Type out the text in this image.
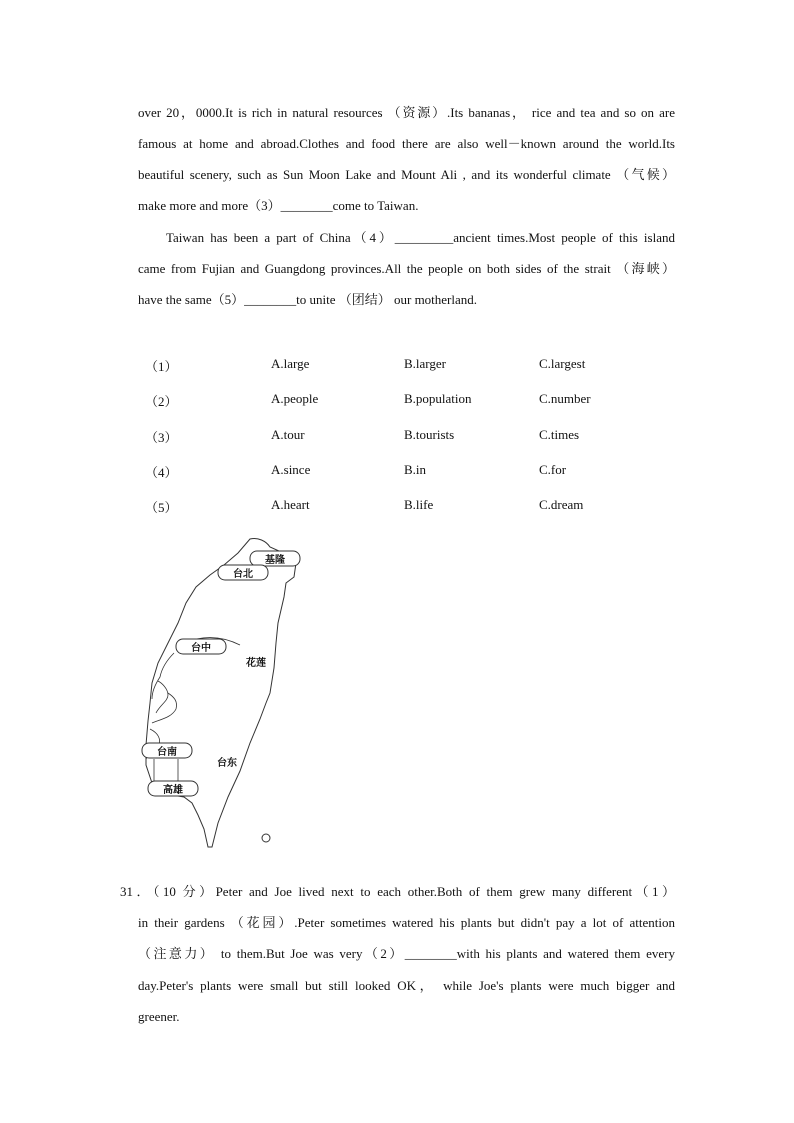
over 20，0000.It is rich in natural resources （资源）.Its bananas， rice and tea and so on are
famous at home and abroad.Clothes and food there are also well－known around the world.Its
beautiful scenery, such as Sun Moon Lake and Mount Ali , and its wonderful climate （气候）
make more and more（3）________come to Taiwan.
Taiwan has been a part of China（4）_________ancient times.Most people of this island
came from Fujian and Guangdong provinces.All the people on both sides of the strait （海峡）
have the same（5）________to unite （团结） our motherland.
（1）	A.large	B.larger	C.largest
（2）	A.people	B.population	C.number
（3）	A.tour	B.tourists	C.times
（4）	A.since	B.in	C.for
（5）	A.heart	B.life	C.dream
基隆
台北
台中
花莲
台南
台东
高雄
31．（10 分）Peter and Joe lived next to each other.Both of them grew many different（1）
in their gardens （花园）.Peter sometimes watered his plants but didn't pay a lot of attention
（注意力） to them.But Joe was very（2）________with his plants and watered them every
day.Peter's plants were small but still looked OK， while Joe's plants were much bigger and
greener.
